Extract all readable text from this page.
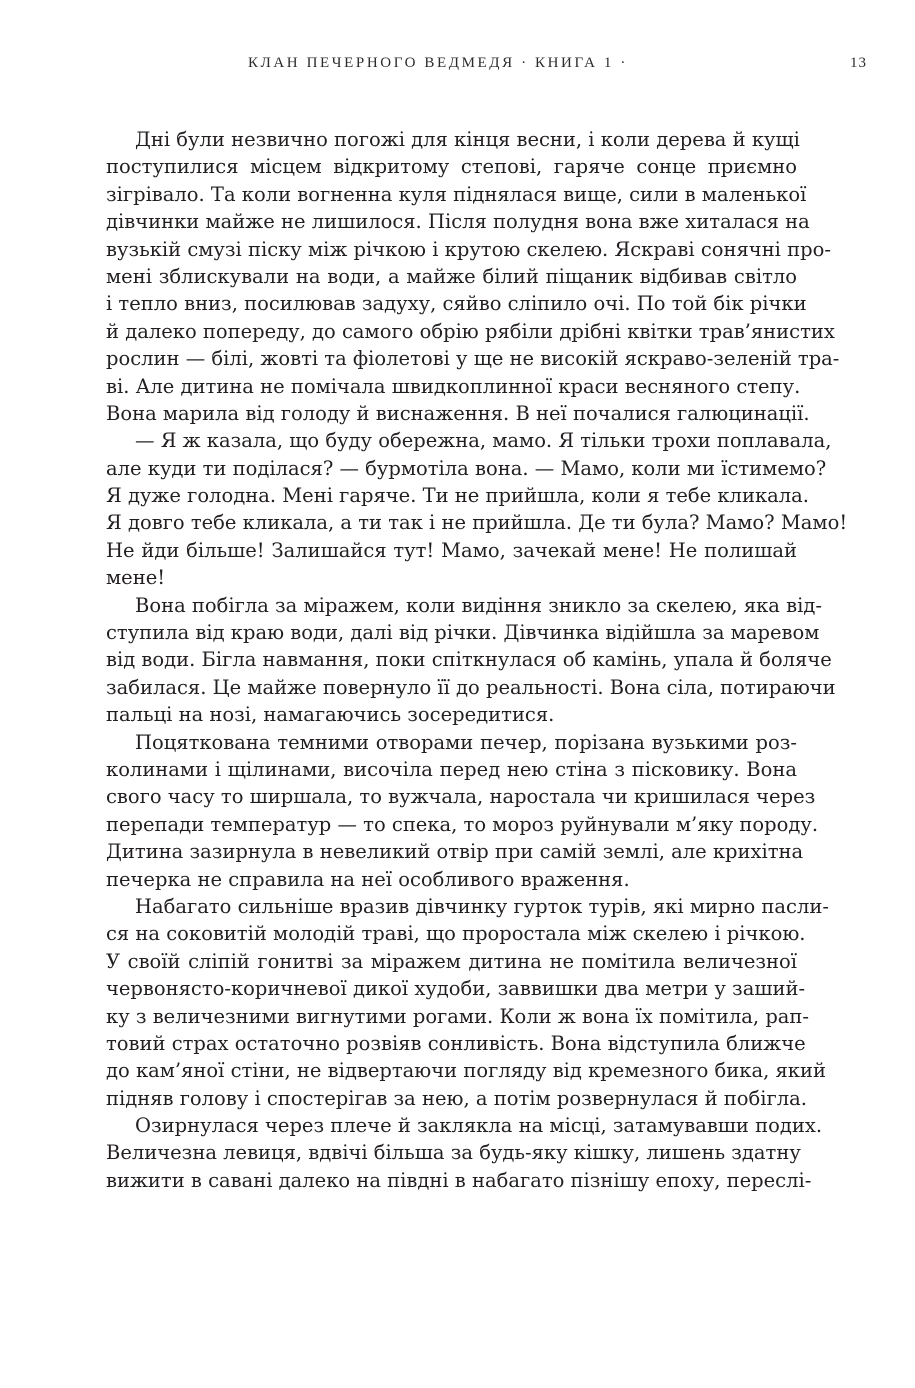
КЛАН ПЕЧЕРНОГО ВЕДМЕДЯ · КНИГА 1 ·	13
Дні були незвично погожі для кінця весни, і коли дерева й кущі
поступилися місцем відкритому степові, гаряче сонце приємно
зігрівало. Та коли вогненна куля піднялася вище, сили в маленької
дівчинки майже не лишилося. Після полудня вона вже хиталася на
вузькій смузі піску між річкою і крутою скелею. Яскраві сонячні про-
мені зблискували на води, а майже білий піщаник відбивав світло
і тепло вниз, посилював задуху, сяйво сліпило очі. По той бік річки
й далеко попереду, до самого обрію рябіли дрібні квітки трав’янистих
рослин — білі, жовті та фіолетові у ще не високій яскраво-зеленій тра-
ві. Але дитина не помічала швидкоплинної краси весняного степу.
Вона марила від голоду й виснаження. В неї почалися галюцинації.
— Я ж казала, що буду обережна, мамо. Я тільки трохи поплавала,
але куди ти поділася? — бурмотіла вона. — Мамо, коли ми їстимемо?
Я дуже голодна. Мені гаряче. Ти не прийшла, коли я тебе кликала.
Я довго тебе кликала, а ти так і не прийшла. Де ти була? Мамо? Мамо!
Не йди більше! Залишайся тут! Мамо, зачекай мене! Не полишай
мене!
Вона побігла за міражем, коли видіння зникло за скелею, яка від-
ступила від краю води, далі від річки. Дівчинка відійшла за маревом
від води. Бігла навмання, поки спіткнулася об камінь, упала й боляче
забилася. Це майже повернуло її до реальності. Вона сіла, потираючи
пальці на нозі, намагаючись зосередитися.
Поцяткована темними отворами печер, порізана вузькими роз-
колинами і щілинами, височіла перед нею стіна з пісковику. Вона
свого часу то ширшала, то вужчала, наростала чи кришилася через
перепади температур — то спека, то мороз руйнували м’яку породу.
Дитина зазирнула в невеликий отвір при самій землі, але крихітна
печерка не справила на неї особливого враження.
Набагато сильніше вразив дівчинку гурток турів, які мирно пасли-
ся на соковитій молодій траві, що проростала між скелею і річкою.
У своїй сліпій гонитві за міражем дитина не помітила величезної
червонясто-коричневої дикої худоби, заввишки два метри у заший-
ку з величезними вигнутими рогами. Коли ж вона їх помітила, рап-
товий страх остаточно розвіяв сонливість. Вона відступила ближче
до кам’яної стіни, не відвертаючи погляду від кремезного бика, який
підняв голову і спостерігав за нею, а потім розвернулася й побігла.
Озирнулася через плече й заклякла на місці, затамувавши подих.
Величезна левиця, вдвічі більша за будь-яку кішку, лишень здатну
вижити в савані далеко на півдні в набагато пізнішу епоху, переслі-
